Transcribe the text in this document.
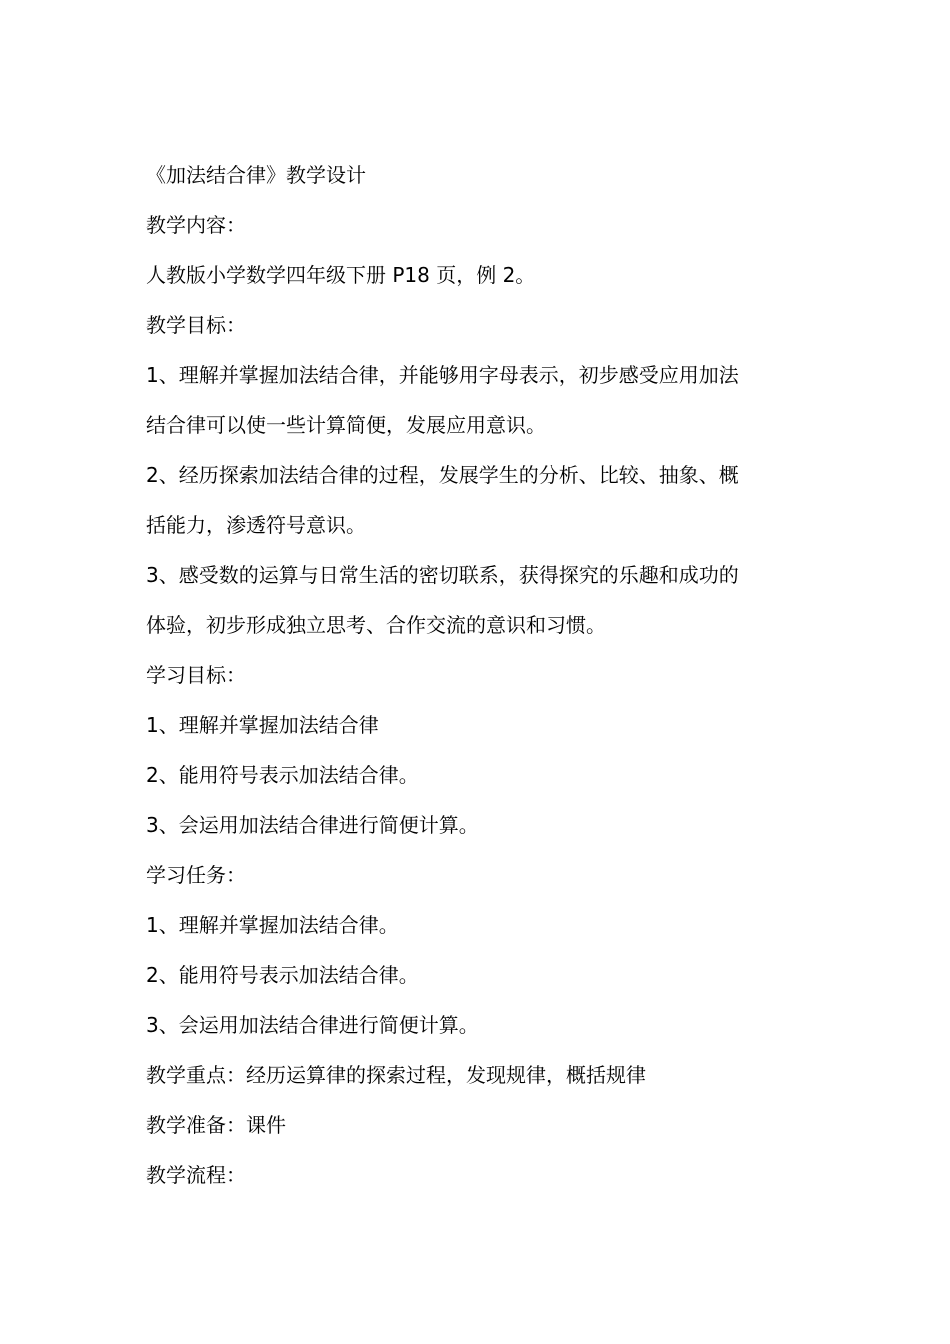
《加法结合律》教学设计

教学内容：

人教版小学数学四年级下册 P18 页，例 2。

教学目标：

1、理解并掌握加法结合律，并能够用字母表示，初步感受应用加法

结合律可以使一些计算简便，发展应用意识。

2、经历探索加法结合律的过程，发展学生的分析、比较、抽象、概

括能力，渗透符号意识。

3、感受数的运算与日常生活的密切联系，获得探究的乐趣和成功的

体验，初步形成独立思考、合作交流的意识和习惯。

学习目标：

1、理解并掌握加法结合律

2、能用符号表示加法结合律。

3、会运用加法结合律进行简便计算。

学习任务：

1、理解并掌握加法结合律。

2、能用符号表示加法结合律。

3、会运用加法结合律进行简便计算。

教学重点：经历运算律的探索过程，发现规律，概括规律

教学准备：课件

教学流程：
